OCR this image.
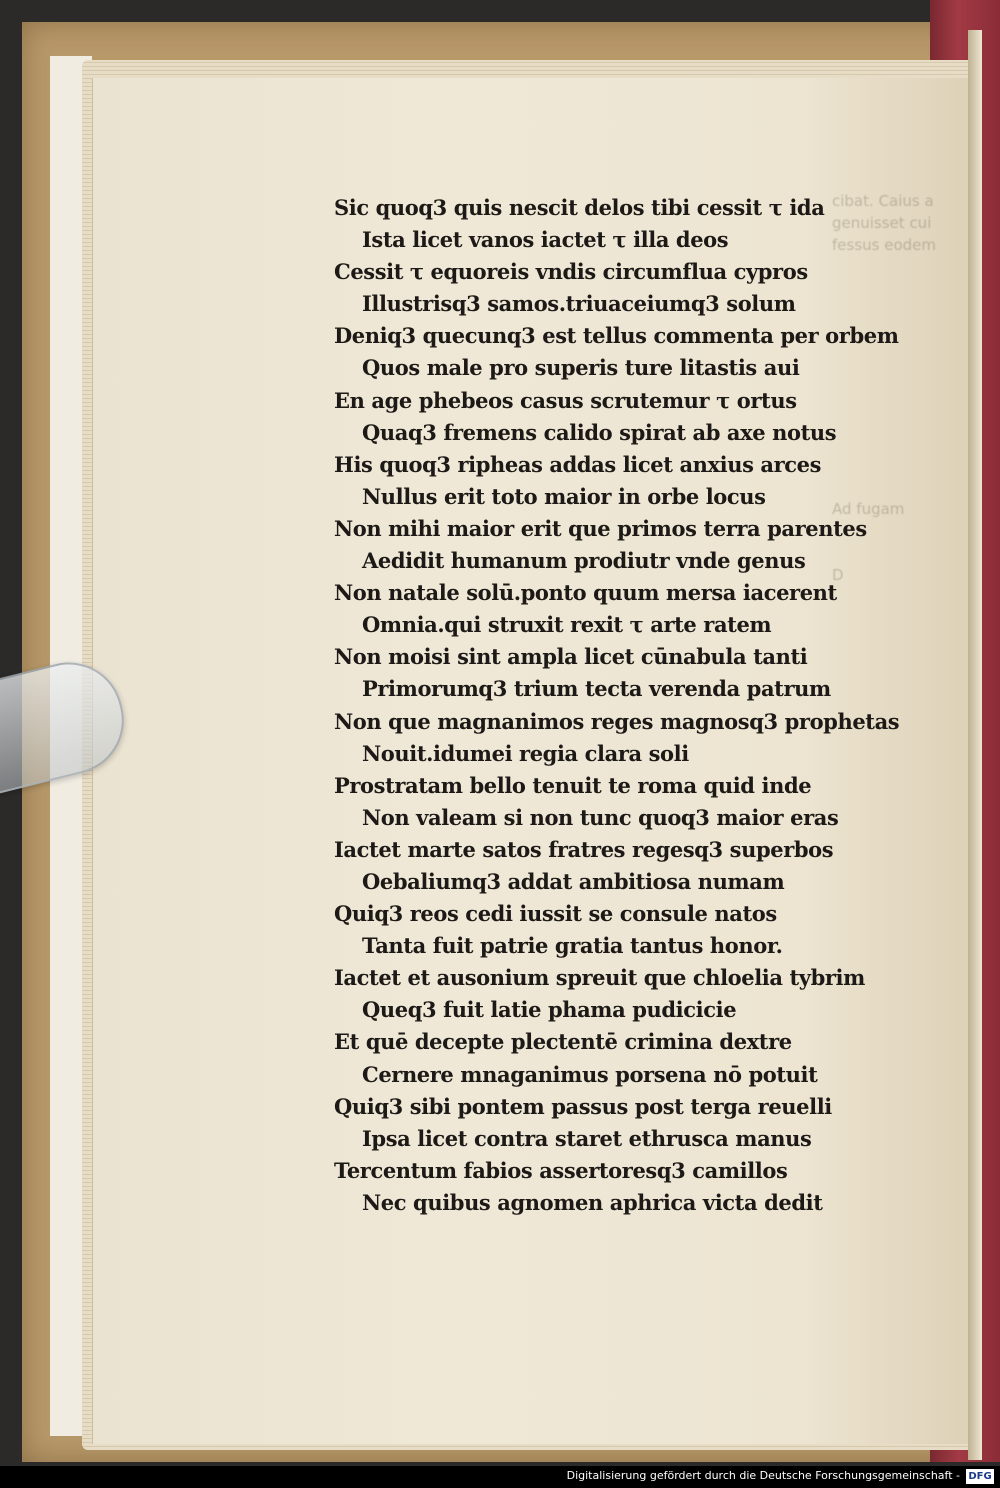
cibat. Caius a
genuisset cui
fessus eodem
Ad fugam
D
Sic quoq3 quis nescit delos tibi cessit τ ida
Ista licet vanos iactet τ illa deos
Cessit τ equoreis vndis circumflua cypros
Illustrisq3 samos.triuaceiumq3 solum
Deniq3 quecunq3 est tellus commenta per orbem
Quos male pro superis ture litastis aui
En age phebeos casus scrutemur τ ortus
Quaq3 fremens calido spirat ab axe notus
His quoq3 ripheas addas licet anxius arces
Nullus erit toto maior in orbe locus
Non mihi maior erit que primos terra parentes
Aedidit humanum prodiutr vnde genus
Non natale solū.ponto quum mersa iacerent
Omnia.qui struxit rexit τ arte ratem
Non moisi sint ampla licet cūnabula tanti
Primorumq3 trium tecta verenda patrum
Non que magnanimos reges magnosq3 prophetas
Nouit.idumei regia clara soli
Prostratam bello tenuit te roma quid inde
Non valeam si non tunc quoq3 maior eras
Iactet marte satos fratres regesq3 superbos
Oebaliumq3 addat ambitiosa numam
Quiq3 reos cedi iussit se consule natos
Tanta fuit patrie gratia tantus honor.
Iactet et ausonium spreuit que chloelia tybrim
Queq3 fuit latie phama pudicicie
Et quē decepte plectentē crimina dextre
Cernere mnaganimus porsena nō potuit
Quiq3 sibi pontem passus post terga reuelli
Ipsa licet contra staret ethrusca manus
Tercentum fabios assertoresq3 camillos
Nec quibus agnomen aphrica victa dedit
Digitalisierung gefördert durch die Deutsche Forschungsgemeinschaft - DFG
